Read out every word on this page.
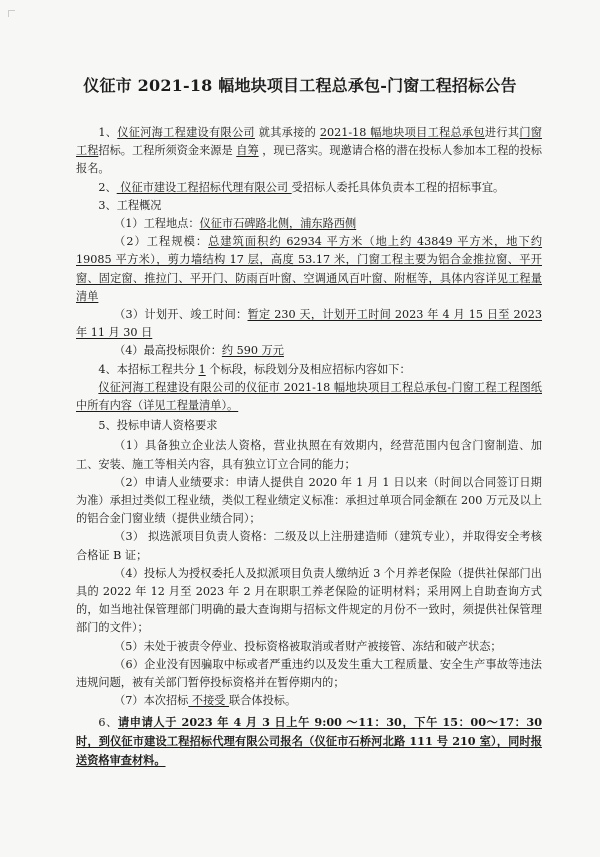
仪征市 2021-18 幅地块项目工程总承包-门窗工程招标公告

1、仪征河海工程建设有限公司 就其承接的 2021-18 幅地块项目工程总承包进行其门窗工程招标。工程所须资金来源是 自筹 ，现已落实。现邀请合格的潜在投标人参加本工程的投标报名。

2、 仪征市建设工程招标代理有限公司 受招标人委托具体负责本工程的招标事宜。

3、工程概况

（1）工程地点：仪征市石碑路北侧，浦东路西侧

（2）工程规模：总建筑面积约 62934 平方米（地上约 43849 平方米，地下约 19085 平方米），剪力墙结构 17 层，高度 53.17 米，门窗工程主要为铝合金推拉窗、平开窗、固定窗、推拉门、平开门、防雨百叶窗、空调通风百叶窗、附框等，具体内容详见工程量清单

（3）计划开、竣工时间：暂定 230 天，计划开工时间 2023 年 4 月 15 日至 2023 年 11 月 30 日

（4）最高投标限价：约 590 万元

4、本招标工程共分 1 个标段，标段划分及相应招标内容如下：

仪征河海工程建设有限公司的仪征市 2021-18 幅地块项目工程总承包-门窗工程工程图纸中所有内容（详见工程量清单）。

5、投标申请人资格要求

（1）具备独立企业法人资格，营业执照在有效期内，经营范围内包含门窗制造、加工、安装、施工等相关内容，具有独立订立合同的能力；

（2）申请人业绩要求：申请人提供自 2020 年 1 月 1 日以来（时间以合同签订日期为准）承担过类似工程业绩，类似工程业绩定义标准：承担过单项合同金额在 200 万元及以上的铝合金门窗业绩（提供业绩合同）；

（3） 拟选派项目负责人资格：二级及以上注册建造师（建筑专业），并取得安全考核合格证 B 证；

（4）投标人为授权委托人及拟派项目负责人缴纳近 3 个月养老保险（提供社保部门出具的 2022 年 12 月至 2023 年 2 月在职职工养老保险的证明材料；采用网上自助查询方式的，如当地社保管理部门明确的最大查询期与招标文件规定的月份不一致时，须提供社保管理部门的文件）；

（5）未处于被责令停业、投标资格被取消或者财产被接管、冻结和破产状态；

（6）企业没有因骗取中标或者严重违约以及发生重大工程质量、安全生产事故等违法违规问题，被有关部门暂停投标资格并在暂停期内的；

（7）本次招标 不接受 联合体投标。

6、请申请人于 2023 年 4 月 3 日上午 9:00 ～11：30，下午 15：00～17：30 时，到仪征市建设工程招标代理有限公司报名（仪征市石桥河北路 111 号 210 室），同时报送资格审查材料。
